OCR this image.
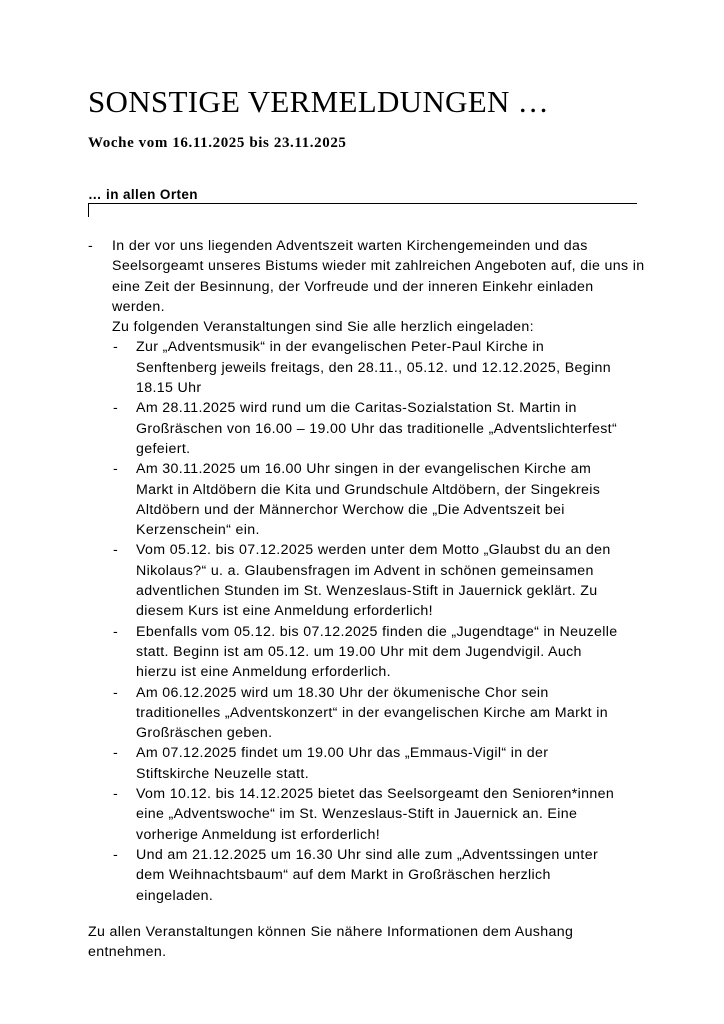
SONSTIGE VERMELDUNGEN …
Woche vom 16.11.2025 bis 23.11.2025
… in allen Orten
- In der vor uns liegenden Adventszeit warten Kirchengemeinden und das Seelsorgeamt unseres Bistums wieder mit zahlreichen Angeboten auf, die uns in eine Zeit der Besinnung, der Vorfreude und der inneren Einkehr einladen werden.
Zu folgenden Veranstaltungen sind Sie alle herzlich eingeladen:
- Zur „Adventsmusik“ in der evangelischen Peter-Paul Kirche in Senftenberg jeweils freitags, den 28.11., 05.12. und 12.12.2025, Beginn 18.15 Uhr
- Am 28.11.2025 wird rund um die Caritas-Sozialstation St. Martin in Großräschen von 16.00 – 19.00 Uhr das traditionelle „Adventslichterfest“ gefeiert.
- Am 30.11.2025 um 16.00 Uhr singen in der evangelischen Kirche am Markt in Altdöbern die Kita und Grundschule Altdöbern, der Singekreis Altdöbern und der Männerchor Werchow die „Die Adventszeit bei Kerzenschein“ ein.
- Vom 05.12. bis 07.12.2025 werden unter dem Motto „Glaubst du an den Nikolaus?“ u. a. Glaubensfragen im Advent in schönen gemeinsamen adventlichen Stunden im St. Wenzeslaus-Stift in Jauernick geklärt. Zu diesem Kurs ist eine Anmeldung erforderlich!
- Ebenfalls vom 05.12. bis 07.12.2025 finden die „Jugendtage“ in Neuzelle statt. Beginn ist am 05.12. um 19.00 Uhr mit dem Jugendvigil. Auch hierzu ist eine Anmeldung erforderlich.
- Am 06.12.2025 wird um 18.30 Uhr der ökumenische Chor sein traditionelles „Adventskonzert“ in der evangelischen Kirche am Markt in Großräschen geben.
- Am 07.12.2025 findet um 19.00 Uhr das „Emmaus-Vigil“ in der Stiftskirche Neuzelle statt.
- Vom 10.12. bis 14.12.2025 bietet das Seelsorgeamt den Senioren*innen eine „Adventswoche“ im St. Wenzeslaus-Stift in Jauernick an. Eine vorherige Anmeldung ist erforderlich!
- Und am 21.12.2025 um 16.30 Uhr sind alle zum „Adventssingen unter dem Weihnachtsbaum“ auf dem Markt in Großräschen herzlich eingeladen.
Zu allen Veranstaltungen können Sie nähere Informationen dem Aushang entnehmen.
